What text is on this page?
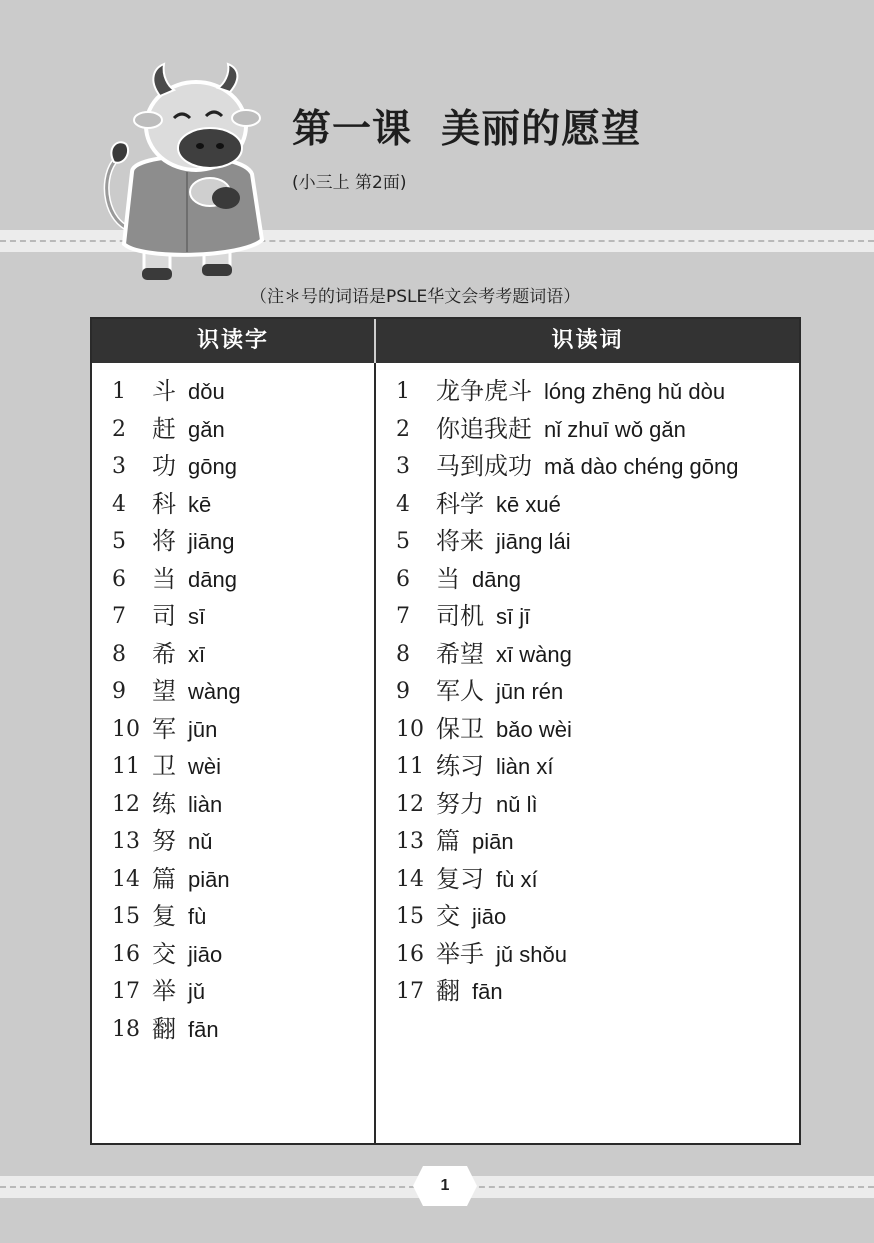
第一课  美丽的愿望
(小三上 第2面)
（注＊号的词语是PSLE华文会考考题词语）
识读字	识读词
1	斗 dǒu
2	赶 gǎn
3	功 gōng
4	科 kē
5	将 jiāng
6	当 dāng
7	司 sī
8	希 xī
9	望 wàng
10 军 jūn
11 卫 wèi
12 练 liàn
13 努 nǔ
14 篇 piān
15 复 fù
16 交 jiāo
17 举 jǔ
18 翻 fān
1	龙争虎斗 lóng zhēng hǔ dòu
2	你追我赶 nǐ zhuī wǒ gǎn
3	马到成功 mǎ dào chéng gōng
4	科学 kē xué
5	将来 jiāng lái
6	当 dāng
7	司机 sī jī
8	希望 xī wàng
9	军人 jūn rén
10 保卫 bǎo wèi
11 练习 liàn xí
12 努力 nǔ lì
13 篇 piān
14 复习 fù xí
15 交 jiāo
16 举手 jǔ shǒu
17 翻 fān
1
